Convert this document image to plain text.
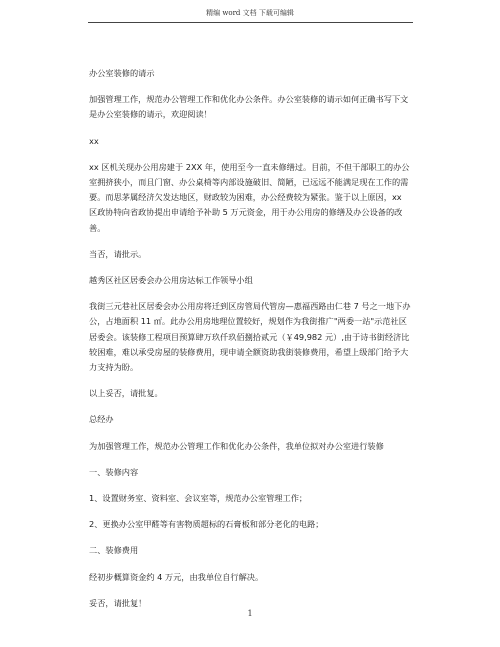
精编 word 文档 下载可编辑

办公室装修的请示

加强管理工作，规范办公管理工作和优化办公条件。办公室装修的请示如何正确书写下文是办公室装修的请示，欢迎阅读！

xx

xx 区机关现办公用房建于 2XX 年，使用至今一直未修缮过。目前，不但干部职工的办公室拥挤狭小，而且门窗、办公桌椅等内部设施破旧、简陋，已远远不能满足现在工作的需要。而思茅属经济欠发达地区，财政较为困难，办公经费较为紧张。鉴于以上原因，xx 区政协特向省政协提出申请给予补助 5 万元资金，用于办公用房的修缮及办公设备的改善。

当否，请批示。

越秀区社区居委会办公用房达标工作领导小组

我街三元巷社区居委会办公用房将迁到区房管局代管房—惠福西路由仁巷 7 号之一地下办公，占地面积 11 ㎡。此办公用房地理位置较好，规划作为我街推广"两委一站"示范社区居委会。该装修工程项目预算肆万玖仟玖佰捌拾贰元（￥49,982 元）,由于诗书街经济比较困难，难以承受房屋的装修费用，现申请全额资助我街装修费用，希望上级部门给予大力支持为盼。

以上妥否，请批复。

总经办

为加强管理工作，规范办公管理工作和优化办公条件，我单位拟对办公室进行装修

一、装修内容

1、设置财务室、资料室、会议室等，规范办公室管理工作；

2、更换办公室甲醛等有害物质超标的石膏板和部分老化的电路；

二、装修费用

经初步概算资金约 4 万元，由我单位自行解决。

妥否，请批复！

1
